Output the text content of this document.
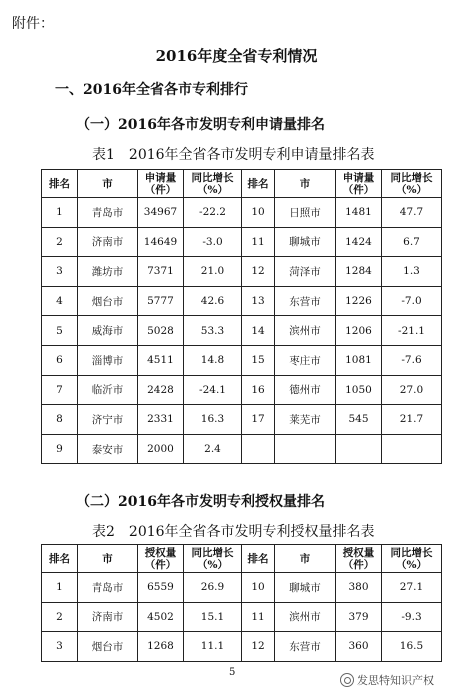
附件：
2016年度全省专利情况
一、2016年全省各市专利排行
（一）2016年各市发明专利申请量排名
表1　2016年全省各市发明专利申请量排名表
排名	市	申请量（件）	同比增长（%）	排名	市	申请量（件）	同比增长（%）
1	青岛市	34967	-22.2	10	日照市	1481	47.7
2	济南市	14649	-3.0	11	聊城市	1424	6.7
3	潍坊市	7371	21.0	12	菏泽市	1284	1.3
4	烟台市	5777	42.6	13	东营市	1226	-7.0
5	威海市	5028	53.3	14	滨州市	1206	-21.1
6	淄博市	4511	14.8	15	枣庄市	1081	-7.6
7	临沂市	2428	-24.1	16	德州市	1050	27.0
8	济宁市	2331	16.3	17	莱芜市	545	21.7
9	泰安市	2000	2.4				
（二）2016年各市发明专利授权量排名
表2　2016年全省各市发明专利授权量排名表
排名	市	授权量（件）	同比增长（%）	排名	市	授权量（件）	同比增长（%）
1	青岛市	6559	26.9	10	聊城市	380	27.1
2	济南市	4502	15.1	11	滨州市	379	-9.3
3	烟台市	1268	11.1	12	东营市	360	16.5
5
发思特知识产权
